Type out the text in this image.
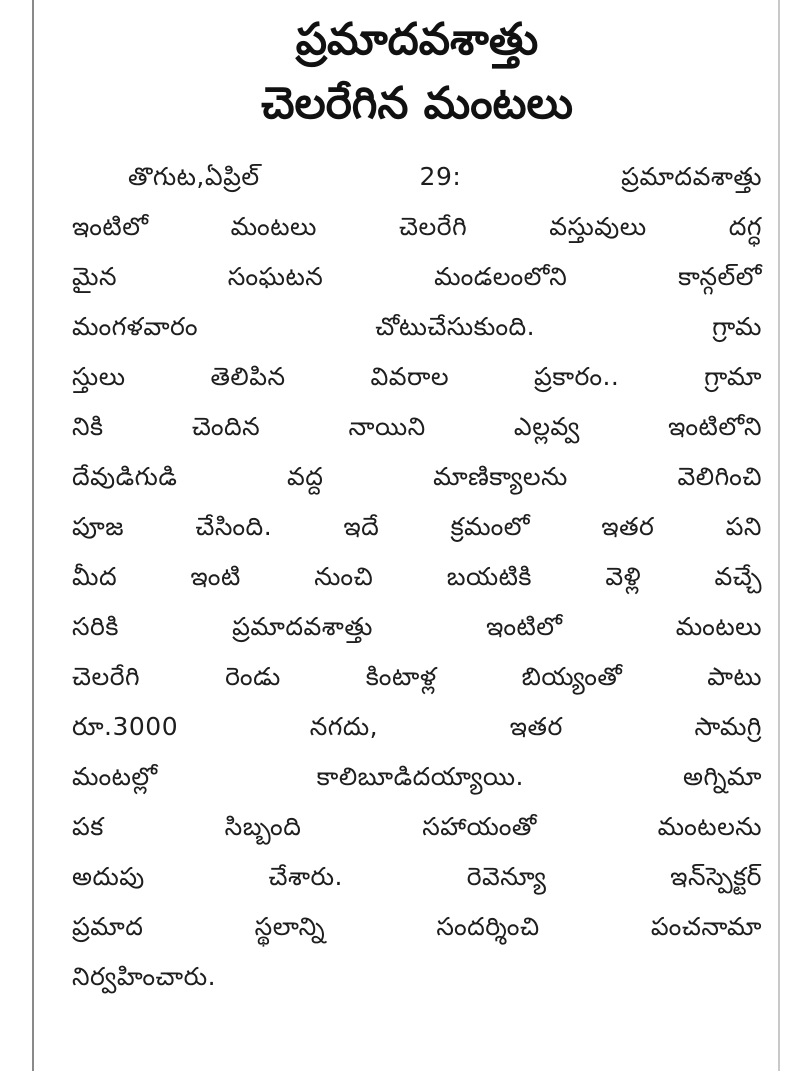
ప్రమాదవశాత్తు
చెలరేగిన మంటలు
తొగుట,ఏప్రిల్ 29: ప్రమాదవశాత్తు
ఇంటిలో మంటలు చెలరేగి వస్తువులు దగ్ధ
మైన సంఘటన మండలంలోని కాన్గల్‌లో
మంగళవారం చోటుచేసుకుంది. గ్రామ
స్తులు తెలిపిన వివరాల ప్రకారం.. గ్రామా
నికి చెందిన నాయిని ఎల్లవ్వ ఇంటిలోని
దేవుడిగుడి వద్ద మాణిక్యాలను వెలిగించి
పూజ చేసింది. ఇదే క్రమంలో ఇతర పని
మీద ఇంటి నుంచి బయటికి వెళ్లి వచ్చే
సరికి ప్రమాదవశాత్తు ఇంటిలో మంటలు
చెలరేగి రెండు కింటాళ్ల బియ్యంతో పాటు
రూ.3000 నగదు, ఇతర సామగ్రి
మంటల్లో కాలిబూడిదయ్యాయి. అగ్నిమా
పక సిబ్బంది సహాయంతో మంటలను
అదుపు చేశారు. రెవెన్యూ ఇన్‌స్పెక్టర్
ప్రమాద స్థలాన్ని సందర్శించి పంచనామా
నిర్వహించారు.
